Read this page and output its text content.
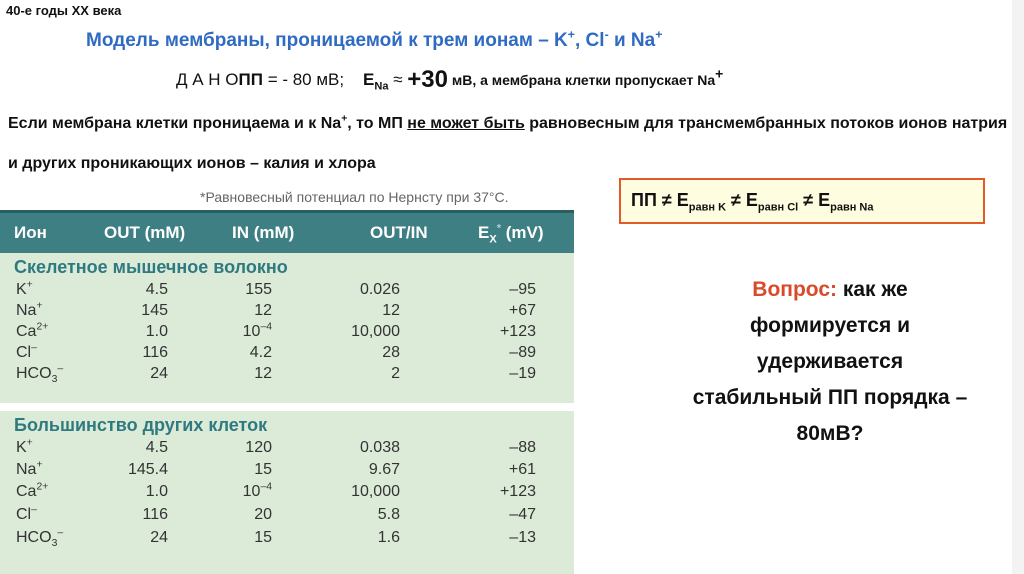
40-е годы XX века
Модель мембраны, проницаемой к трем ионам – K+, Cl- и Na+
Д А Н ОПП = - 80 мВ; $E_{Na} \approx +30$ мВ, а мембрана клетки пропускает Na+
Если мембрана клетки проницаема и к Na+, то МП не может быть равновесным для трансмембранных потоков ионов натрия и других проникающих ионов – калия и хлора
*Равновесный потенциал по Нернсту при 37°C.
Ион	OUT (mM)	IN (mM)	OUT/IN	$E_X^*$ (mV)
Скелетное мышечное волокно
K+	4.5	155	0.026	–95
Na+	145	12	12	+67
$Ca^{2+}$	1.0	$10^{-4}$	10,000	+123
Cl–	116	4.2	28	–89
$HCO_3^-$	24	12	2	–19
Большинство других клеток
K+	4.5	120	0.038	–88
Na+	145.4	15	9.67	+61
$Ca^{2+}$	1.0	$10^{-4}$	10,000	+123
Cl–	116	20	5.8	–47
$HCO_3^-$	24	15	1.6	–13
ПП ≠ $E_{равн K} \ne E_{равн Cl} \ne E_{равн Na}$
Вопрос: как же формируется и удерживается стабильный ПП порядка –80мВ?
